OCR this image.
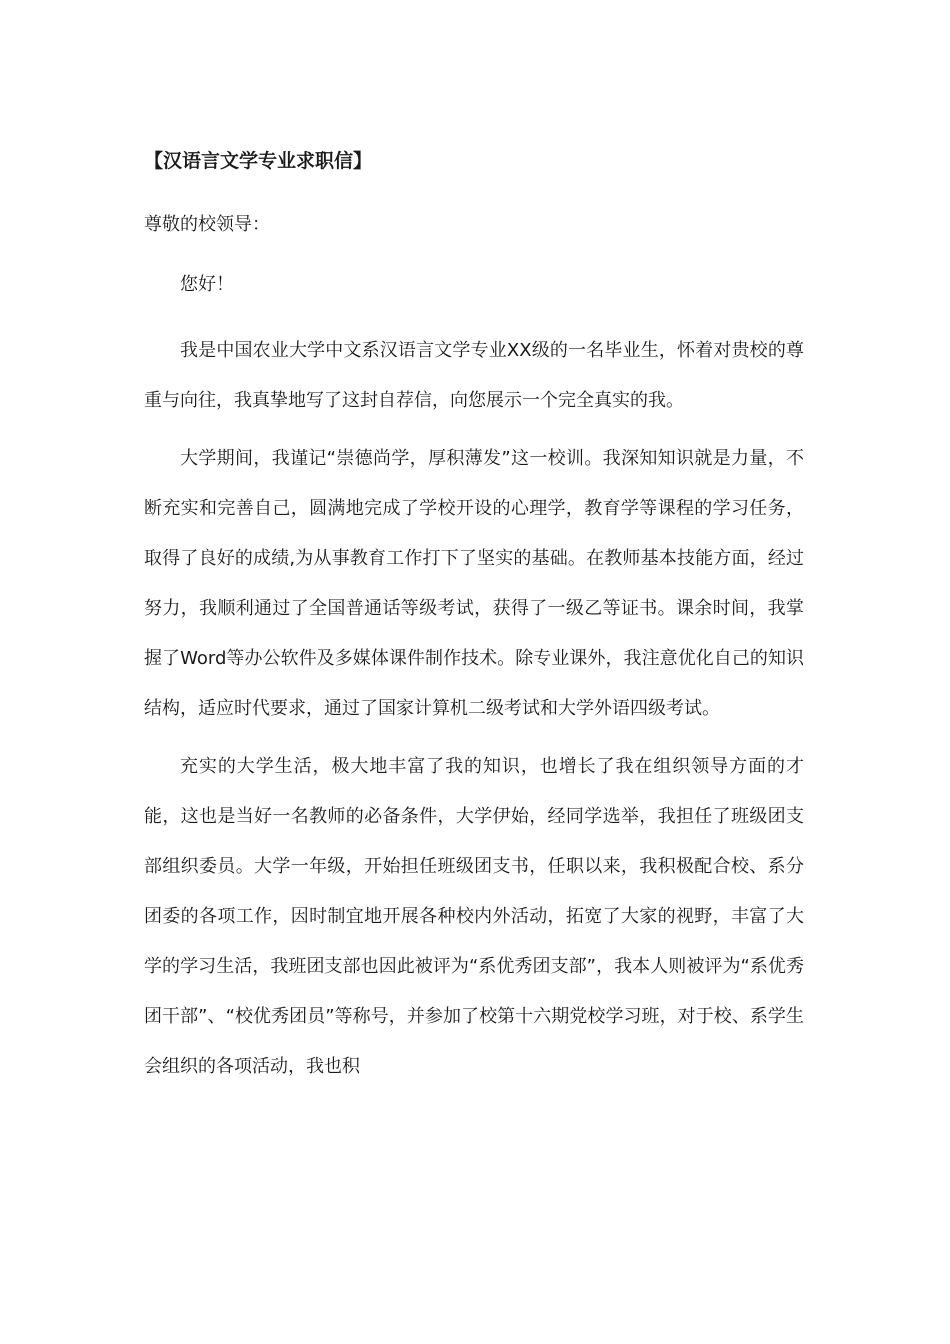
【汉语言文学专业求职信】
尊敬的校领导：
您好！
我是中国农业大学中文系汉语言文学专业XX级的一名毕业生，怀着对贵校的尊重与向往，我真挚地写了这封自荐信，向您展示一个完全真实的我。
大学期间，我谨记“崇德尚学，厚积薄发”这一校训。我深知知识就是力量，不断充实和完善自己，圆满地完成了学校开设的心理学，教育学等课程的学习任务，取得了良好的成绩,为从事教育工作打下了坚实的基础。在教师基本技能方面，经过努力，我顺利通过了全国普通话等级考试，获得了一级乙等证书。课余时间，我掌握了Word等办公软件及多媒体课件制作技术。除专业课外，我注意优化自己的知识结构，适应时代要求，通过了国家计算机二级考试和大学外语四级考试。
充实的大学生活，极大地丰富了我的知识，也增长了我在组织领导方面的才能，这也是当好一名教师的必备条件，大学伊始，经同学选举，我担任了班级团支部组织委员。大学一年级，开始担任班级团支书，任职以来，我积极配合校、系分团委的各项工作，因时制宜地开展各种校内外活动，拓宽了大家的视野，丰富了大学的学习生活，我班团支部也因此被评为“系优秀团支部”，我本人则被评为“系优秀团干部”、“校优秀团员”等称号，并参加了校第十六期党校学习班，对于校、系学生会组织的各项活动，我也积
